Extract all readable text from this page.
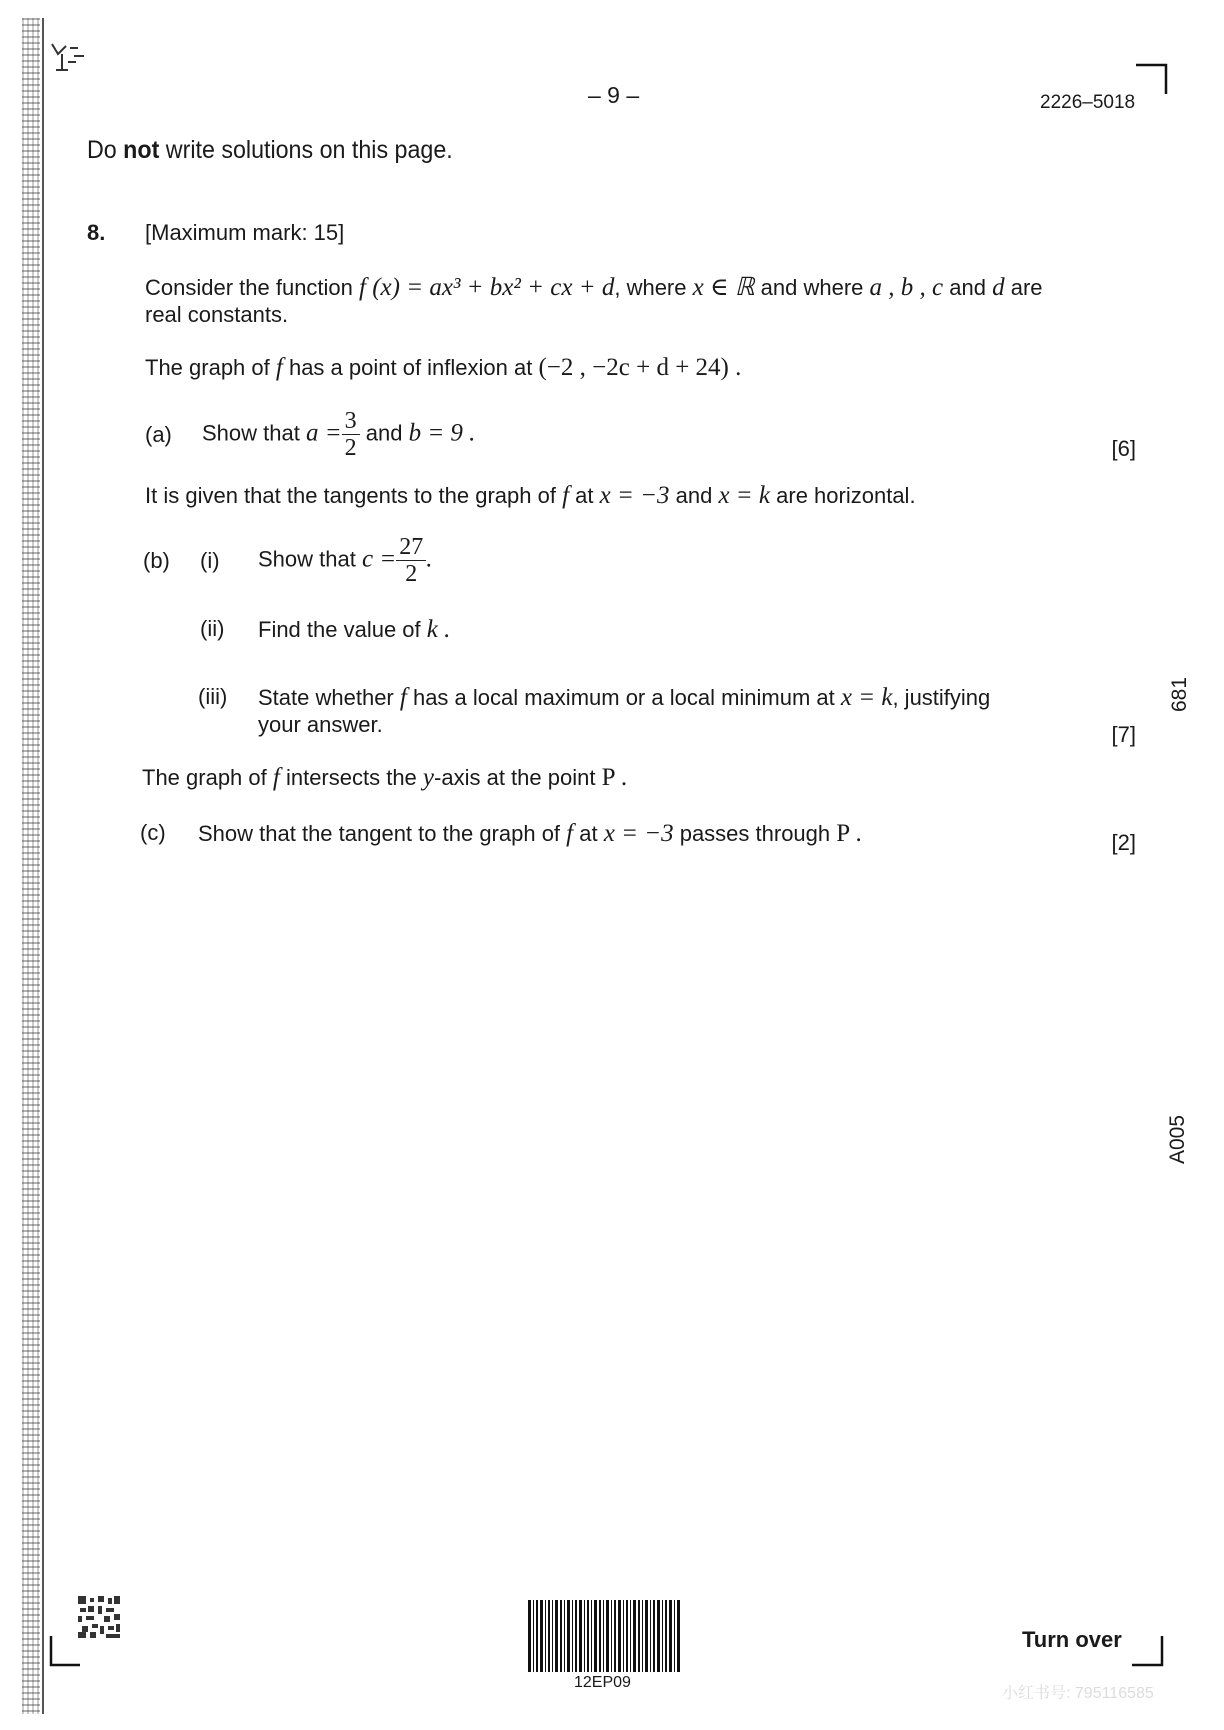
– 9 –	2226–5018
Do not write solutions on this page.
8. [Maximum mark: 15]
Consider the function f (x) = ax³ + bx² + cx + d, where x ∈ ℝ and where a , b , c and d are
real constants.
The graph of f has a point of inflexion at (−2 , −2c + d + 24) .
(a) Show that $a = \frac{3}{2}$ and b = 9 .
[6]
It is given that the tangents to the graph of f at x = −3 and x = k are horizontal.
(b) (i) Show that $c = \frac{27}{2}$ .
(ii) Find the value of k .
(iii) State whether f has a local maximum or a local minimum at x = k, justifying
your answer.	[7]
The graph of f intersects the y-axis at the point P .
(c) Show that the tangent to the graph of f at x = −3 passes through P .	[2]
681
A005
12EP09
Turn over
小红书号: 795116585
